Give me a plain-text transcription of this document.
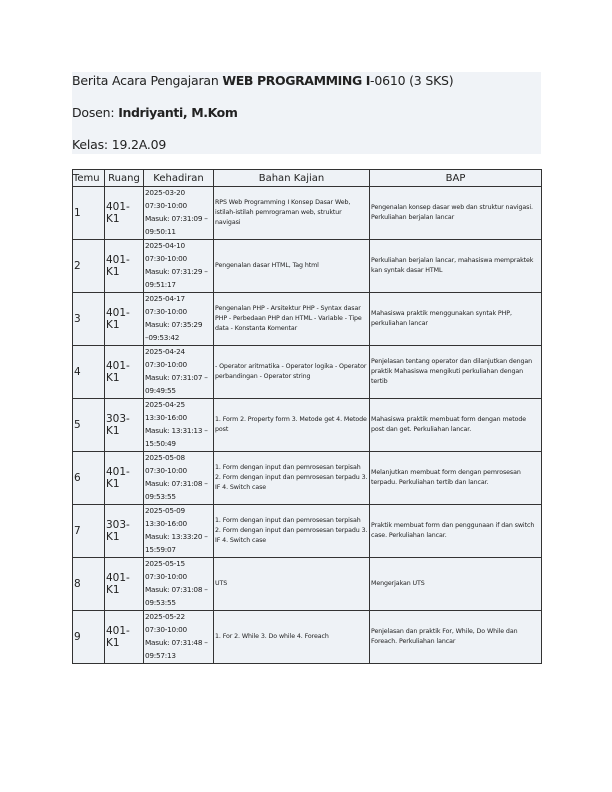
Berita Acara Pengajaran WEB PROGRAMMING I-0610 (3 SKS)
Dosen: Indriyanti, M.Kom
Kelas: 19.2A.09
Temu	Ruang	Kehadiran	Bahan Kajian	BAP
1	401-K1	2025-03-20
07:30-10:00
Masuk: 07:31:09 –
09:50:11	RPS Web Programming I Konsep Dasar Web, istilah-istilah pemrograman web, struktur navigasi	Pengenalan konsep dasar web dan struktur navigasi. Perkuliahan berjalan lancar
2	401-K1	2025-04-10
07:30-10:00
Masuk: 07:31:29 –
09:51:17	Pengenalan dasar HTML, Tag html	Perkuliahan berjalan lancar, mahasiswa mempraktek kan syntak dasar HTML
3	401-K1	2025-04-17
07:30-10:00
Masuk: 07:35:29
–09:53:42	Pengenalan PHP - Arsitektur PHP - Syntax dasar PHP - Perbedaan PHP dan HTML - Variable - Tipe data - Konstanta Komentar	Mahasiswa praktik menggunakan syntak PHP, perkuliahan lancar
4	401-K1	2025-04-24
07:30-10:00
Masuk: 07:31:07 –
09:49:55	- Operator aritmatika - Operator logika - Operator perbandingan - Operator string	Penjelasan tentang operator dan dilanjutkan dengan praktik Mahasiswa mengikuti perkuliahan dengan tertib
5	303-K1	2025-04-25
13:30-16:00
Masuk: 13:31:13 –
15:50:49	1. Form 2. Property form 3. Metode get 4. Metode post	Mahasiswa praktik membuat form dengan metode post dan get. Perkuliahan lancar.
6	401-K1	2025-05-08
07:30-10:00
Masuk: 07:31:08 –
09:53:55	1. Form dengan input dan pemrosesan terpisah 2. Form dengan input dan pemrosesan terpadu 3. IF 4. Switch case	Melanjutkan membuat form dengan pemrosesan terpadu. Perkuliahan tertib dan lancar.
7	303-K1	2025-05-09
13:30-16:00
Masuk: 13:33:20 –
15:59:07	1. Form dengan input dan pemrosesan terpisah 2. Form dengan input dan pemrosesan terpadu 3. IF 4. Switch case	Praktik membuat form dan penggunaan if dan switch case. Perkuliahan lancar.
8	401-K1	2025-05-15
07:30-10:00
Masuk: 07:31:08 –
09:53:55	UTS	Mengerjakan UTS
9	401-K1	2025-05-22
07:30-10:00
Masuk: 07:31:48 –
09:57:13	1. For 2. While 3. Do while 4. Foreach	Penjelasan dan praktik For, While, Do While dan Foreach. Perkuliahan lancar
